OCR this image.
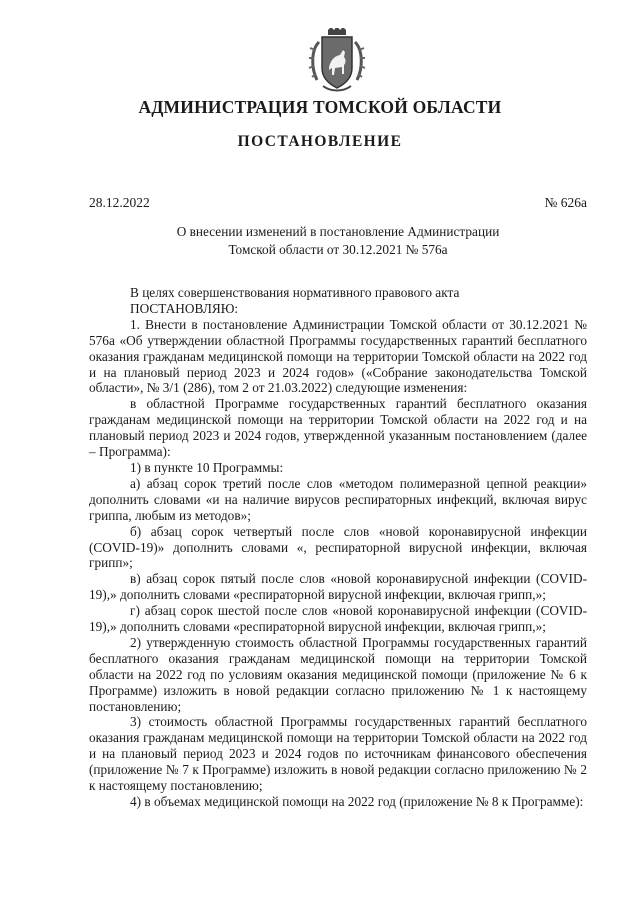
АДМИНИСТРАЦИЯ ТОМСКОЙ ОБЛАСТИ
ПОСТАНОВЛЕНИЕ
28.12.2022	№ 626а
О внесении изменений в постановление Администрации
Томской области от 30.12.2021 № 576а

В целях совершенствования нормативного правового акта

ПОСТАНОВЛЯЮ:

1. Внести в постановление Администрации Томской области от 30.12.2021 № 576а «Об утверждении областной Программы государственных гарантий бесплатного оказания гражданам медицинской помощи на территории Томской области на 2022 год и на плановый период 2023 и 2024 годов» («Собрание законодательства Томской области», № 3/1 (286), том 2 от 21.03.2022) следующие изменения:

в областной Программе государственных гарантий бесплатного оказания гражданам медицинской помощи на территории Томской области на 2022 год и на плановый период 2023 и 2024 годов, утвержденной указанным постановлением (далее – Программа):

1) в пункте 10 Программы:

а) абзац сорок третий после слов «методом полимеразной цепной реакции» дополнить словами «и на наличие вирусов респираторных инфекций, включая вирус гриппа, любым из методов»;

б) абзац сорок четвертый после слов «новой коронавирусной инфекции (COVID-19)» дополнить словами «, респираторной вирусной инфекции, включая грипп»;

в) абзац сорок пятый после слов «новой коронавирусной инфекции (COVID-19),» дополнить словами «респираторной вирусной инфекции, включая грипп,»;

г) абзац сорок шестой после слов «новой коронавирусной инфекции (COVID-19),» дополнить словами «респираторной вирусной инфекции, включая грипп,»;

2) утвержденную стоимость областной Программы государственных гарантий бесплатного оказания гражданам медицинской помощи на территории Томской области на 2022 год по условиям оказания медицинской помощи (приложение № 6 к Программе) изложить в новой редакции согласно приложению № 1 к настоящему постановлению;

3) стоимость областной Программы государственных гарантий бесплатного оказания гражданам медицинской помощи на территории Томской области на 2022 год и на плановый период 2023 и 2024 годов по источникам финансового обеспечения (приложение № 7 к Программе) изложить в новой редакции согласно приложению № 2 к настоящему постановлению;

4) в объемах медицинской помощи на 2022 год (приложение № 8 к Программе):
